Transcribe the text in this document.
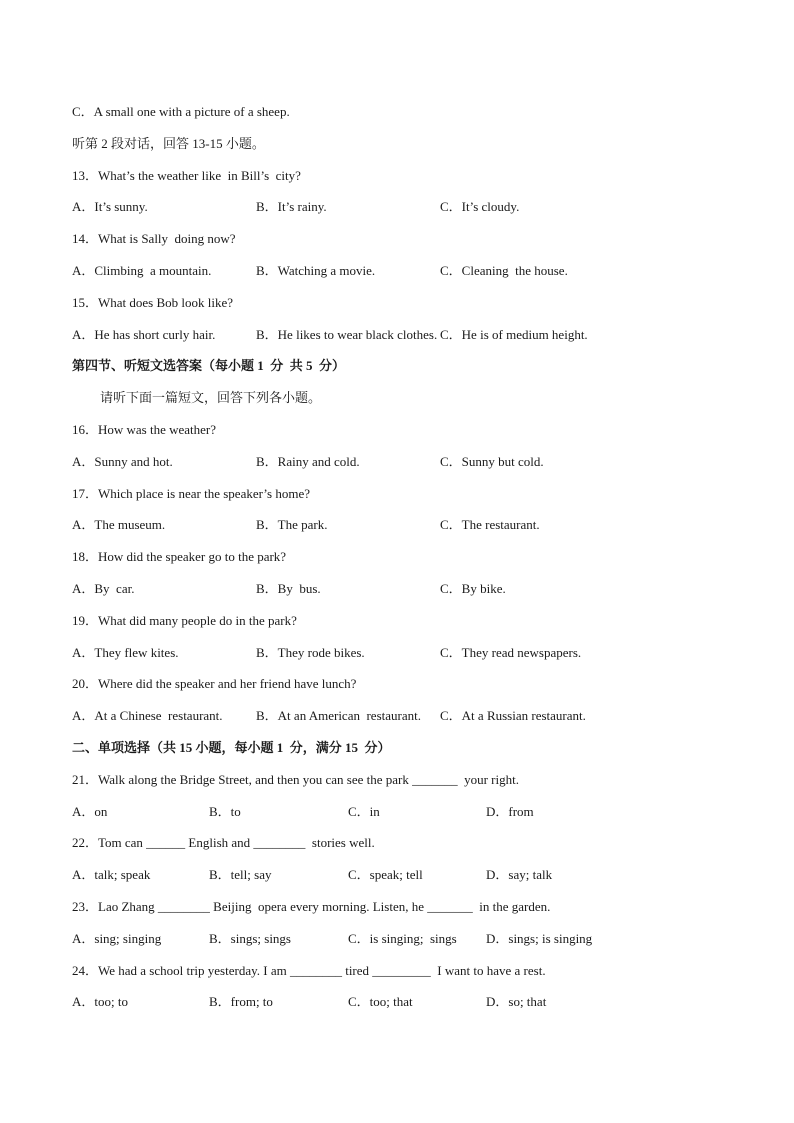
C．A small one with a picture of a sheep.
听第 2 段对话，回答 13-15 小题。
13．What’s the weather like  in Bill’s  city?
A．It’s sunny.	B．It’s rainy.	C．It’s cloudy.
14．What is Sally  doing now?
A．Climbing  a mountain.	B．Watching a movie.	C．Cleaning  the house.
15．What does Bob look like?
A．He has short curly hair.	B．He likes to wear black clothes. C．He is of medium height.
第四节、听短文选答案（每小题 1  分  共 5  分）
请听下面一篇短文，回答下列各小题。
16．How was the weather?
A．Sunny and hot.	B．Rainy and cold.	C．Sunny but cold.
17．Which place is near the speaker’s home?
A．The museum.	B．The park.	C．The restaurant.
18．How did the speaker go to the park?
A．By  car.	B．By  bus.	C．By bike.
19．What did many people do in the park?
A．They flew kites.	B．They rode bikes.	C．They read newspapers.
20．Where did the speaker and her friend have lunch?
A．At a Chinese  restaurant.	B．At an American  restaurant. C．At a Russian restaurant.
二、单项选择（共 15 小题，每小题 1  分，满分 15  分）
21．Walk along the Bridge Street, and then you can see the park _______  your right.
A．on	B．to	C．in	D．from
22．Tom can ______ English and ________  stories well.
A．talk; speak	B．tell; say	C．speak; tell	D．say; talk
23．Lao Zhang ________ Beijing  opera every morning. Listen, he _______  in the garden.
A．sing; singing	B．sings; sings	C．is singing;  sings D．sings; is singing
24．We had a school trip yesterday. I am ________ tired _________  I want to have a rest.
A．too; to	B．from; to	C．too; that	D．so; that
